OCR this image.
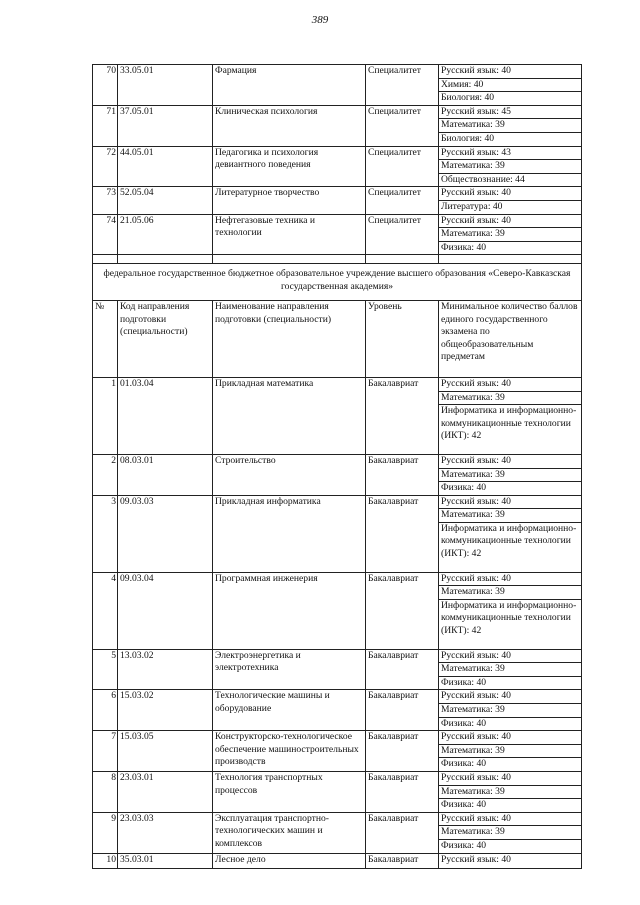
389
70	33.05.01	Фармация	Специалитет	Русский язык: 40
Химия: 40
Биология: 40

71	37.05.01	Клиническая психология	Специалитет	Русский язык: 45
Математика: 39
Биология: 40

72	44.05.01	Педагогика и психология девиантного поведения	Специалитет	Русский язык: 43
Математика: 39
Обществознание: 44

73	52.05.04	Литературное творчество	Специалитет	Русский язык: 40
Литература: 40

74	21.05.06	Нефтегазовые техника и технологии	Специалитет	Русский язык: 40
Математика: 39
Физика: 40

федеральное государственное бюджетное образовательное учреждение высшего образования «Северо-Кавказская государственная академия»				
№	Код направления подготовки (специальности)	Наименование направления подготовки (специальности)	Уровень	Минимальное количество баллов единого государственного экзамена по общеобразовательным предметам
1	01.03.04	Прикладная математика	Бакалавриат	Русский язык: 40
Математика: 39
Информатика и информационно-коммуникационные технологии (ИКТ): 42

2	08.03.01	Строительство	Бакалавриат	Русский язык: 40
Математика: 39
Физика: 40

3	09.03.03	Прикладная информатика	Бакалавриат	Русский язык: 40
Математика: 39
Информатика и информационно-коммуникационные технологии (ИКТ): 42

4	09.03.04	Программная инженерия	Бакалавриат	Русский язык: 40
Математика: 39
Информатика и информационно-коммуникационные технологии (ИКТ): 42

5	13.03.02	Электроэнергетика и электротехника	Бакалавриат	Русский язык: 40
Математика: 39
Физика: 40

6	15.03.02	Технологические машины и оборудование	Бакалавриат	Русский язык: 40
Математика: 39
Физика: 40

7	15.03.05	Конструкторско-технологическое обеспечение машиностроительных производств	Бакалавриат	Русский язык: 40
Математика: 39
Физика: 40

8	23.03.01	Технология транспортных процессов	Бакалавриат	Русский язык: 40
Математика: 39
Физика: 40

9	23.03.03	Эксплуатация транспортно-технологических машин и комплексов	Бакалавриат	Русский язык: 40
Математика: 39
Физика: 40

10	35.03.01	Лесное дело	Бакалавриат	Русский язык: 40
